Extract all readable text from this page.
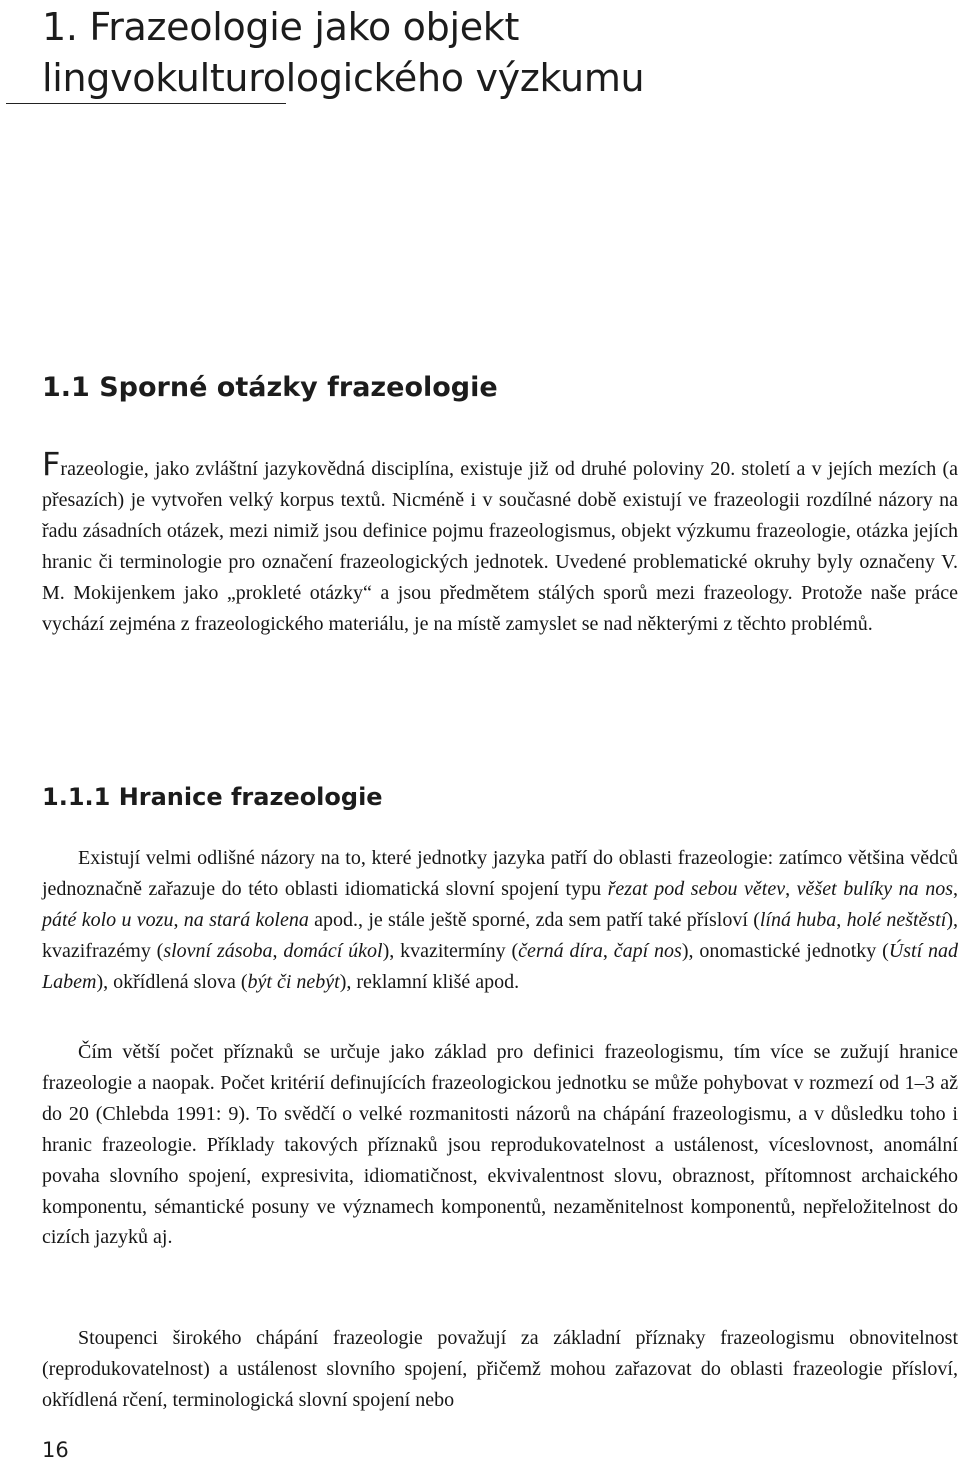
1. Frazeologie jako objekt
lingvokulturologického výzkumu
1.1 Sporné otázky frazeologie

Frazeologie, jako zvláštní jazykovědná disciplína, existuje již od druhé poloviny 20. století a v jejích mezích (a přesazích) je vytvořen velký korpus textů. Nicméně i v současné době existují ve frazeologii rozdílné názory na řadu zásadních otázek, mezi nimiž jsou definice pojmu frazeologismus, objekt výzkumu frazeologie, otázka jejích hranic či terminologie pro označení frazeologických jednotek. Uvedené problematické okruhy byly označeny V. M. Mokijenkem jako „prokleté otázky“ a jsou předmětem stálých sporů mezi frazeology. Protože naše práce vychází zejména z frazeologického materiálu, je na místě zamyslet se nad některými z těchto problémů.

1.1.1 Hranice frazeologie

Existují velmi odlišné názory na to, které jednotky jazyka patří do oblasti frazeologie: zatímco většina vědců jednoznačně zařazuje do této oblasti idiomatická slovní spojení typu řezat pod sebou větev, věšet bulíky na nos, páté kolo u vozu, na stará kolena apod., je stále ještě sporné, zda sem patří také přísloví (líná huba, holé neštěstí), kvazifrazémy (slovní zásoba, domácí úkol), kvazitermíny (černá díra, čapí nos), onomastické jednotky (Ústí nad Labem), okřídlená slova (být či nebýt), reklamní klišé apod.

Čím větší počet příznaků se určuje jako základ pro definici frazeologismu, tím více se zužují hranice frazeologie a naopak. Počet kritérií definujících frazeologickou jednotku se může pohybovat v rozmezí od 1–3 až do 20 (Chlebda 1991: 9). To svědčí o velké rozmanitosti názorů na chápání frazeologismu, a v důsledku toho i hranic frazeologie. Příklady takových příznaků jsou reprodukovatelnost a ustálenost, víceslovnost, anomální povaha slovního spojení, expresivita, idiomatičnost, ekvivalentnost slovu, obraznost, přítomnost archaického komponentu, sémantické posuny ve významech komponentů, nezaměnitelnost komponentů, nepřeložitelnost do cizích jazyků aj.

Stoupenci širokého chápání frazeologie považují za základní příznaky frazeologismu obnovitelnost (reprodukovatelnost) a ustálenost slovního spojení, přičemž mohou zařazovat do oblasti frazeologie přísloví, okřídlená rčení, terminologická slovní spojení nebo

16
